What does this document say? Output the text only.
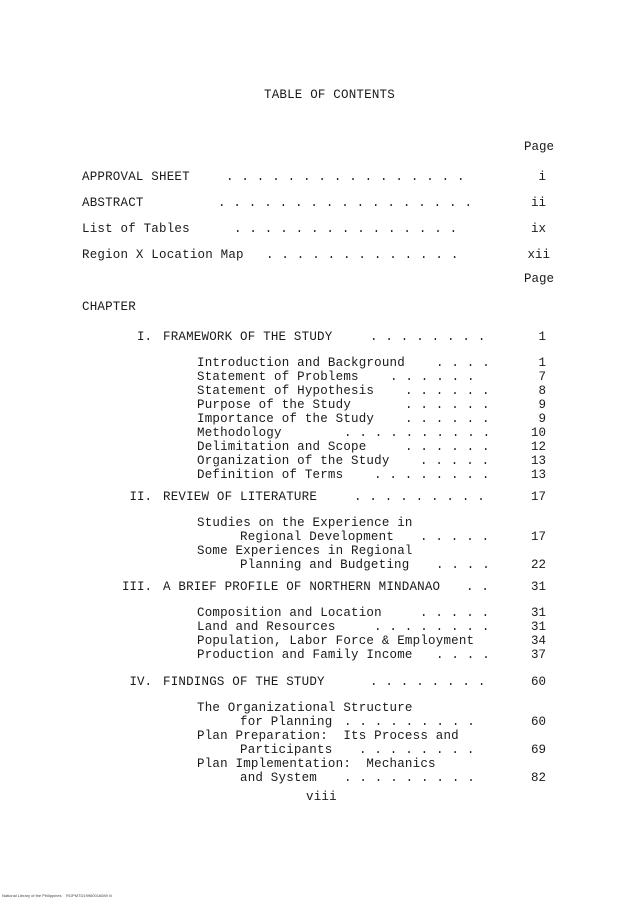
TABLE OF CONTENTS
Page
APPROVAL SHEET	. . . . . . . . . . . . . . . .	i
ABSTRACT	. . . . . . . . . . . . . . . . .	ii
List of Tables	. . . . . . . . . . . . . . .	ix
Region X Location Map . . . . . . . . . . . . .	xii
Page
CHAPTER
I. FRAMEWORK OF THE STUDY	. . . . . . . .	1
Introduction and Background . . . .	1
Statement of Problems	. . . . . .	7
Statement of Hypothesis . . . . . .	8
Purpose of the Study	. . . . . .	9
Importance of the Study . . . . . .	9
Methodology	. . . . . . . . . .	10
Delimitation and Scope	. . . . . .	12
Organization of the Study . . . . .	13
Definition of Terms . . . . . . . .	13
II. REVIEW OF LITERATURE	. . . . . . . . .	17
Studies on the Experience in
Regional Development . . . . .	17
Some Experiences in Regional
Planning and Budgeting . . . .	22
III. A BRIEF PROFILE OF NORTHERN MINDANAO . .	31
Composition and Location	. . . . .	31
Land and Resources	. . . . . . . .	31
Population, Labor Force & Employment	34
Production and Family Income . . . .	37
IV. FINDINGS OF THE STUDY	. . . . . . . .	60
The Organizational Structure
for Planning . . . . . . . . .	60
Plan Preparation:  Its Process and
Participants . . . . . . . .	69
Plan Implementation:  Mechanics
and System . . . . . . . . .	82
viii
National Library of the Philippines    RGPMTD19960016089 iii
